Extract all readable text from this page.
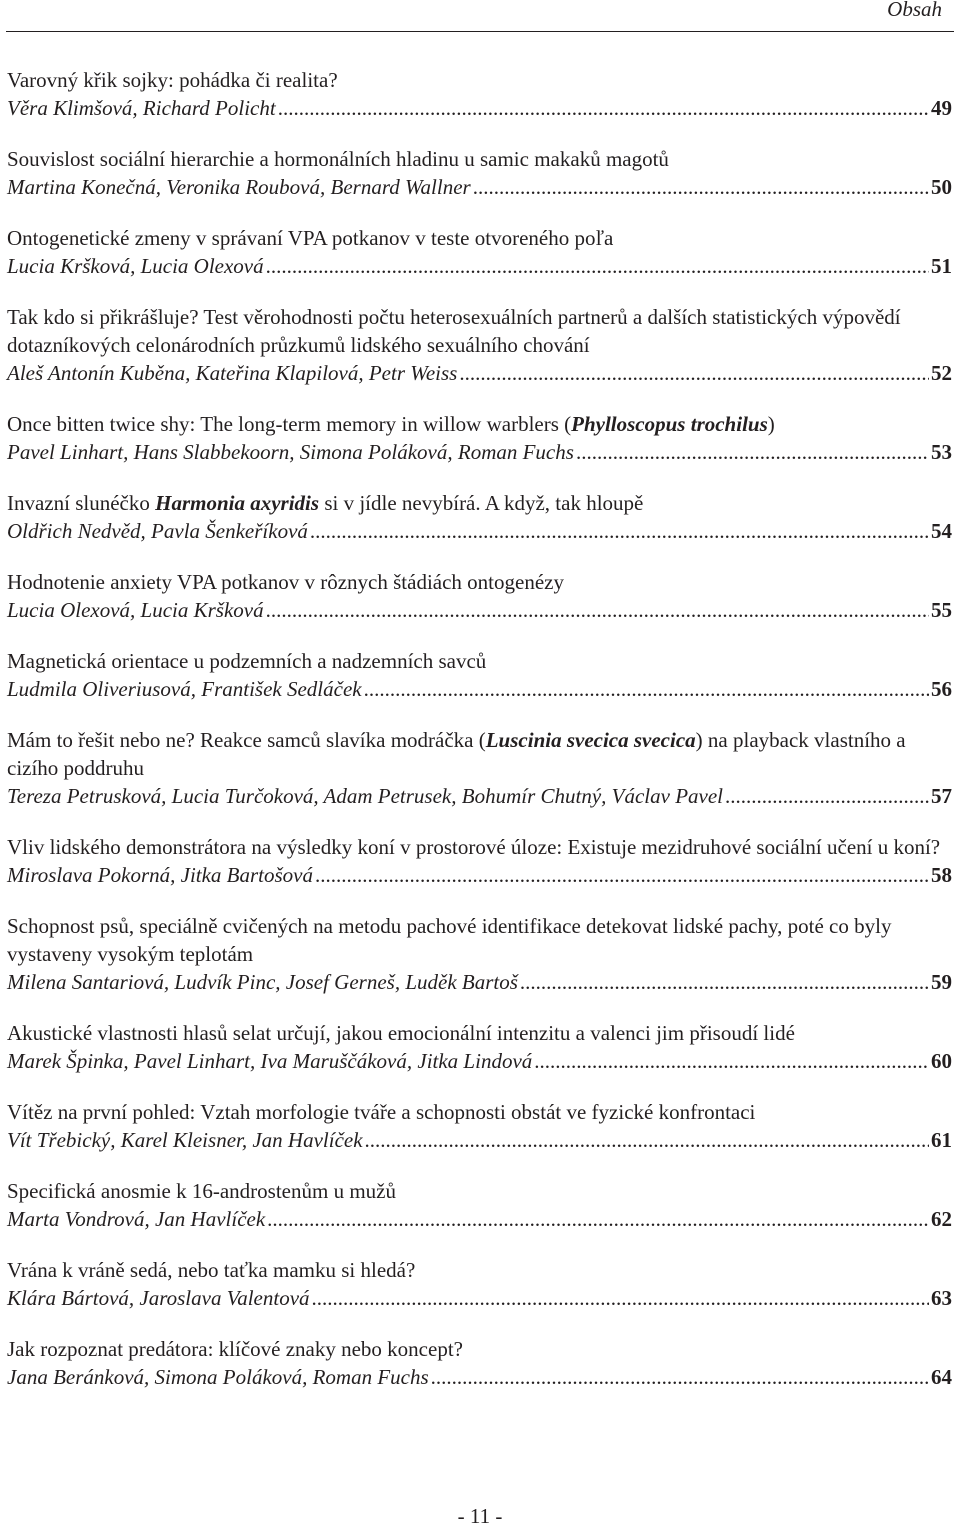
Obsah
Varovný křik sojky: pohádka či realita?
Věra Klimšová, Richard Policht .....	49
Souvislost sociální hierarchie a hormonálních hladinu u samic makaků magotů
Martina Konečná, Veronika Roubová, Bernard Wallner .....	50
Ontogenetické zmeny v správaní VPA potkanov v teste otvoreného poľa
Lucia Kršková, Lucia Olexová .....	51
Tak kdo si přikrášluje? Test věrohodnosti počtu heterosexuálních partnerů a dalších statistických výpovědí dotazníkových celonárodních průzkumů lidského sexuálního chování
Aleš Antonín Kuběna, Kateřina Klapilová, Petr Weiss .....	52
Once bitten twice shy: The long-term memory in willow warblers (Phylloscopus trochilus)
Pavel Linhart, Hans Slabbekoorn, Simona Poláková, Roman Fuchs .....	53
Invazní slunéčko Harmonia axyridis si v jídle nevybírá. A když, tak hloupě
Oldřich Nedvěd, Pavla Šenkeříková .....	54
Hodnotenie anxiety VPA potkanov v rôznych štádiách ontogenézy
Lucia Olexová, Lucia Kršková .....	55
Magnetická orientace u podzemních a nadzemních savců
Ludmila Oliveriusová, František Sedláček .....	56
Mám to řešit nebo ne? Reakce samců slavíka modráčka (Luscinia svecica svecica) na playback vlastního a cizího poddruhu
Tereza Petrusková, Lucia Turčoková, Adam Petrusek, Bohumír Chutný, Václav Pavel .....	57
Vliv lidského demonstrátora na výsledky koní v prostorové úloze: Existuje mezidruhové sociální učení u koní?
Miroslava Pokorná, Jitka Bartošová .....	58
Schopnost psů, speciálně cvičených na metodu pachové identifikace detekovat lidské pachy, poté co byly vystaveny vysokým teplotám
Milena Santariová, Ludvík Pinc, Josef Gerneš, Luděk Bartoš .....	59
Akustické vlastnosti hlasů selat určují, jakou emocionální intenzitu a valenci jim přisoudí lidé
Marek Špinka, Pavel Linhart, Iva Maruščáková, Jitka Lindová .....	60
Vítěz na první pohled: Vztah morfologie tváře a schopnosti obstát ve fyzické konfrontaci
Vít Třebický, Karel Kleisner, Jan Havlíček .....	61
Specifická anosmie k 16-androstenům u mužů
Marta Vondrová, Jan Havlíček .....	62
Vrána k vráně sedá, nebo taťka mamku si hledá?
Klára Bártová, Jaroslava Valentová .....	63
Jak rozpoznat predátora: klíčové znaky nebo koncept?
Jana Beránková, Simona Poláková, Roman Fuchs .....	64
- 11 -
